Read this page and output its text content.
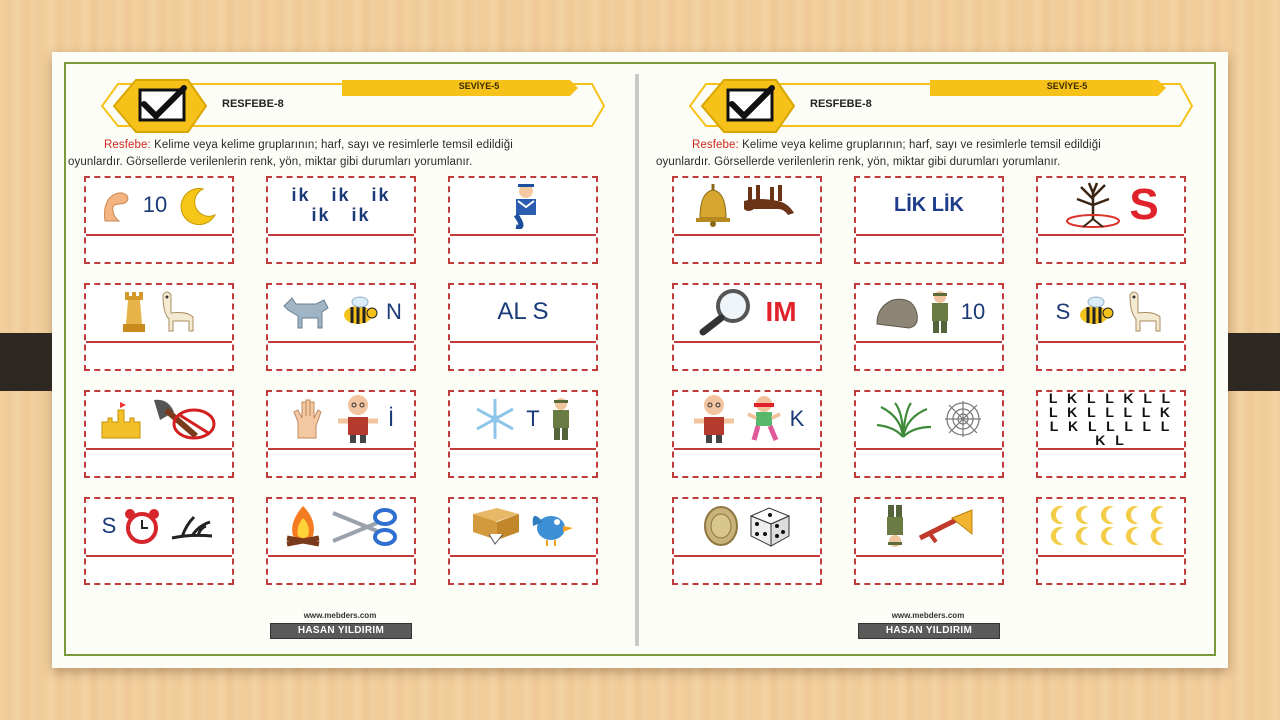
RESFEBE-8
SEVİYE-5
Resfebe: Kelime veya kelime gruplarının; harf, sayı ve resimlerle temsil edildiği
oyunlardır. Görsellerde verilenlerin renk, yön, miktar gibi durumları yorumlanır.
10	ik ik ik ik ik
N	AL S
İ	T
S
www.mebders.com
HASAN YILDIRIM
RESFEBE-8
SEVİYE-5
Resfebe: Kelime veya kelime gruplarının; harf, sayı ve resimlerle temsil edildiği
oyunlardır. Görsellerde verilenlerin renk, yön, miktar gibi durumları yorumlanır.
LİK LİK	S
IM	10	S
K
L K L L K L L L K L L L L K L K L L L L L K L
www.mebders.com
HASAN YILDIRIM
